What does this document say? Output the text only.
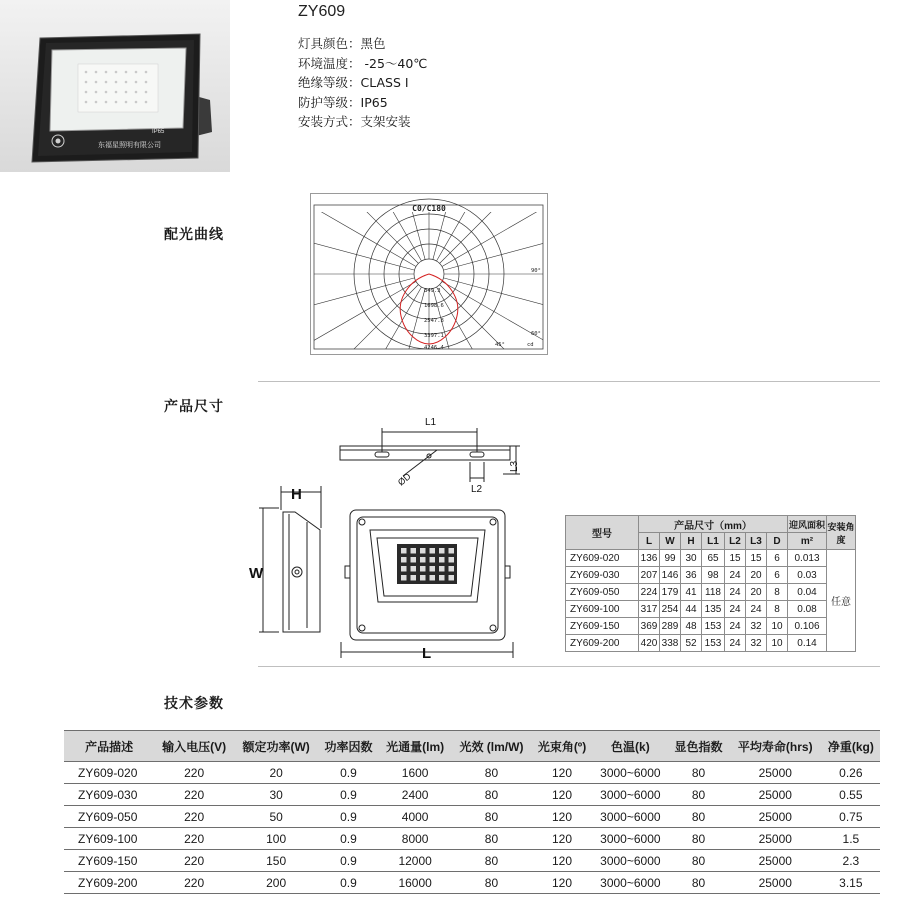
IP65
东福星照明有限公司
ZY609
灯具颜色：黑色
环境温度： -25～40℃
绝缘等级：CLASS I
防护等级：IP65
安装方式：支架安装
配光曲线
C0/C180
849.3
1698.6
2547.8
3397.1
4246.4
90°
60°
45°	cd
产品尺寸
L1
L2
L3
ØD
H
W
L
型号	产品尺寸（mm）							迎风面积	安装角度
	L	W	H	L1	L2	L3	D	m²	
ZY609-020	136	99	30	65	15	15	6	0.013	任意
ZY609-030	207	146	36	98	24	20	6	0.03	
ZY609-050	224	179	41	118	24	20	8	0.04	
ZY609-100	317	254	44	135	24	24	8	0.08	
ZY609-150	369	289	48	153	24	32	10	0.106	
ZY609-200	420	338	52	153	24	32	10	0.14	
技术参数
产品描述	输入电压(V)	额定功率(W)	功率因数	光通量(lm)	光效 (lm/W)	光束角(º)	色温(k)	显色指数	平均寿命(hrs)	净重(kg)
ZY609-020	220	20	0.9	1600	80	120	3000~6000	80	25000	0.26
ZY609-030	220	30	0.9	2400	80	120	3000~6000	80	25000	0.55
ZY609-050	220	50	0.9	4000	80	120	3000~6000	80	25000	0.75
ZY609-100	220	100	0.9	8000	80	120	3000~6000	80	25000	1.5
ZY609-150	220	150	0.9	12000	80	120	3000~6000	80	25000	2.3
ZY609-200	220	200	0.9	16000	80	120	3000~6000	80	25000	3.15
